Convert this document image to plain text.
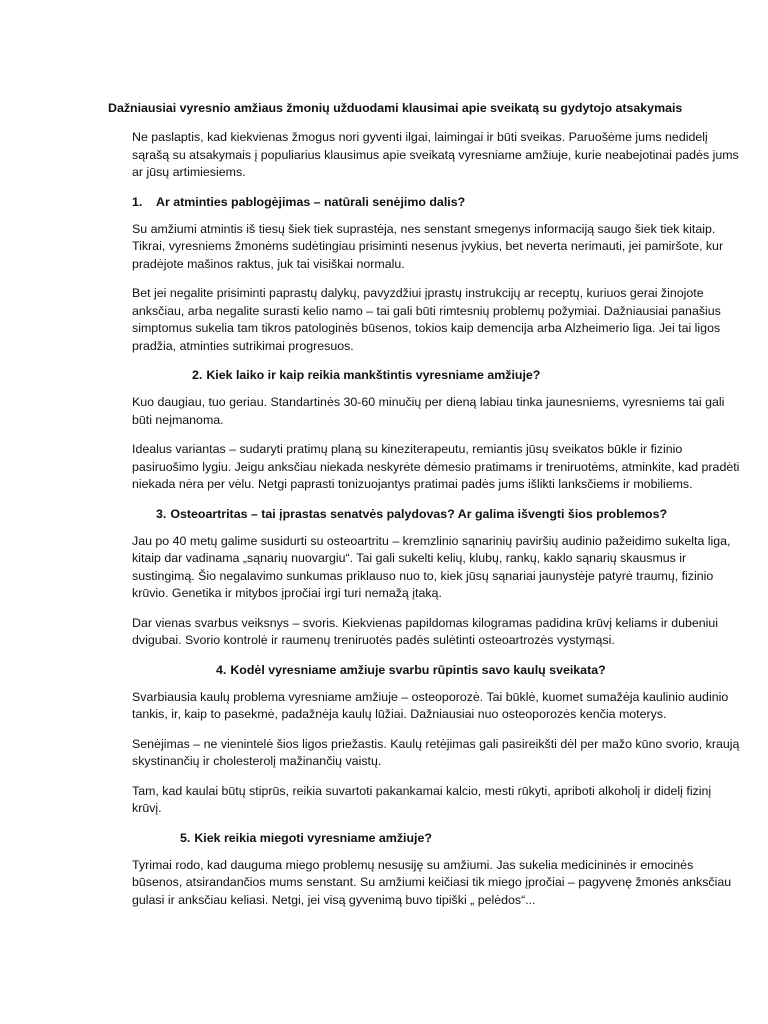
Dažniausiai vyresnio amžiaus žmonių užduodami klausimai apie sveikatą su gydytojo atsakymais

Ne paslaptis, kad kiekvienas žmogus nori gyventi ilgai, laimingai ir būti sveikas. Paruošėme jums nedidelį sąrašą su atsakymais į populiarius klausimus apie sveikatą vyresniame amžiuje, kurie neabejotinai padės jums ar jūsų artimiesiems.

1. Ar atminties pablogėjimas – natūrali senėjimo dalis?

Su amžiumi atmintis iš tiesų šiek tiek suprastėja, nes senstant smegenys informaciją saugo šiek tiek kitaip. Tikrai, vyresniems žmonėms sudėtingiau prisiminti nesenus įvykius, bet neverta nerimauti, jei pamiršote, kur pradėjote mašinos raktus, juk tai visiškai normalu.

Bet jei negalite prisiminti paprastų dalykų, pavyzdžiui įprastų instrukcijų ar receptų, kuriuos gerai žinojote anksčiau, arba negalite surasti kelio namo – tai gali būti rimtesnių problemų požymiai. Dažniausiai panašius simptomus sukelia tam tikros patologinės būsenos, tokios kaip demencija arba Alzheimerio liga. Jei tai ligos pradžia, atminties sutrikimai progresuos.

2. Kiek laiko ir kaip reikia mankštintis vyresniame amžiuje?

Kuo daugiau, tuo geriau. Standartinės 30-60 minučių per dieną labiau tinka jaunesniems, vyresniems tai gali būti neįmanoma.

Idealus variantas – sudaryti pratimų planą su kineziterapeutu, remiantis jūsų sveikatos būkle ir fizinio pasiruošimo lygiu. Jeigu anksčiau niekada neskyrėte dėmesio pratimams ir treniruotėms, atminkite, kad pradėti niekada nėra per vėlu. Netgi paprasti tonizuojantys pratimai padės jums išlikti lanksčiems ir mobiliems.

3. Osteoartritas – tai įprastas senatvės palydovas? Ar galima išvengti šios problemos?

Jau po 40 metų galime susidurti su osteoartritu – kremzlinio sąnarinių paviršių audinio pažeidimo sukelta liga, kitaip dar vadinama „sąnarių nuovargiu“. Tai gali sukelti kelių, klubų, rankų, kaklo sąnarių skausmus ir sustingimą. Šio negalavimo sunkumas priklauso nuo to, kiek jūsų sąnariai jaunystėje patyrė traumų, fizinio krūvio. Genetika ir mitybos įpročiai irgi turi nemažą įtaką.

Dar vienas svarbus veiksnys – svoris. Kiekvienas papildomas kilogramas padidina krūvį keliams ir dubeniui dvigubai. Svorio kontrolė ir raumenų treniruotės padės sulėtinti osteoartrozės vystymąsi.

4. Kodėl vyresniame amžiuje svarbu rūpintis savo kaulų sveikata?

Svarbiausia kaulų problema vyresniame amžiuje – osteoporozė. Tai būklė, kuomet sumažėja kaulinio audinio tankis, ir, kaip to pasekmė, padažnėja kaulų lūžiai. Dažniausiai nuo osteoporozės kenčia moterys.

Senėjimas – ne vienintelė šios ligos priežastis. Kaulų retėjimas gali pasireikšti dėl per mažo kūno svorio, kraują skystinančių ir cholesterolį mažinančių vaistų.

Tam, kad kaulai būtų stiprūs, reikia suvartoti pakankamai kalcio, mesti rūkyti, apriboti alkoholį ir didelį fizinį krūvį.

5. Kiek reikia miegoti vyresniame amžiuje?

Tyrimai rodo, kad dauguma miego problemų nesusiję su amžiumi. Jas sukelia medicininės ir emocinės būsenos, atsirandančios mums senstant. Su amžiumi keičiasi tik miego įpročiai – pagyvenę žmonės anksčiau gulasi ir anksčiau keliasi. Netgi, jei visą gyvenimą buvo tipiški „ pelėdos“...
